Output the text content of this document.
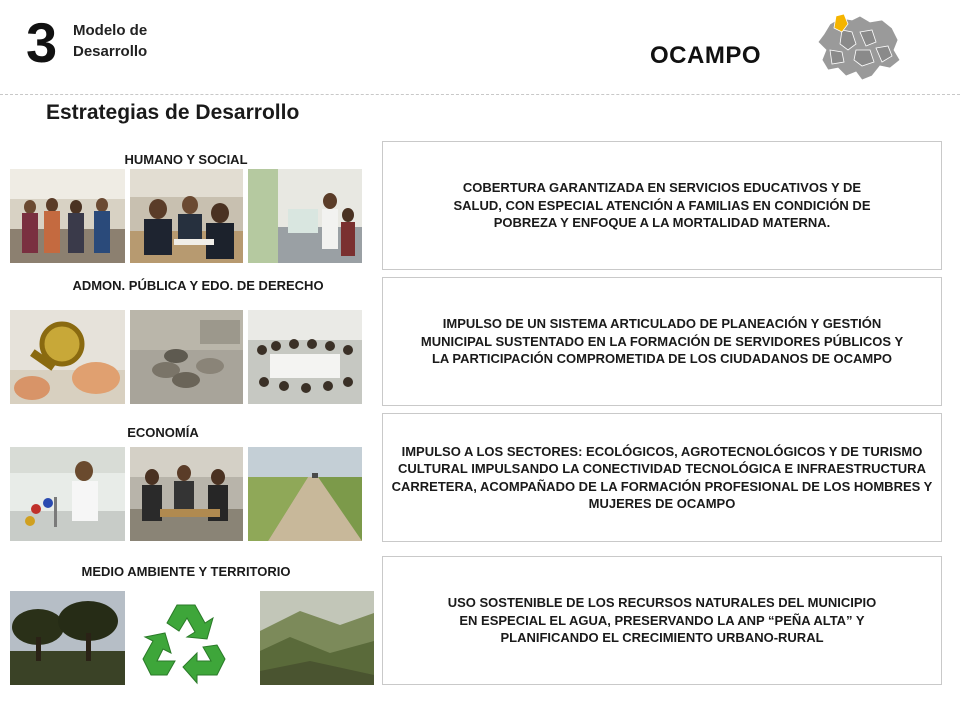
3 Modelo de
Desarrollo	OCAMPO
Estrategias de Desarrollo
HUMANO Y SOCIAL
COBERTURA GARANTIZADA EN SERVICIOS EDUCATIVOS Y DE SALUD, CON ESPECIAL ATENCIÓN A FAMILIAS EN CONDICIÓN DE POBREZA Y ENFOQUE A LA MORTALIDAD MATERNA.
ADMON. PÚBLICA Y EDO. DE DERECHO
IMPULSO DE UN SISTEMA ARTICULADO DE PLANEACIÓN Y GESTIÓN MUNICIPAL SUSTENTADO EN LA FORMACIÓN DE SERVIDORES PÚBLICOS Y LA PARTICIPACIÓN COMPROMETIDA DE LOS CIUDADANOS DE OCAMPO
ECONOMÍA
IMPULSO A LOS SECTORES: ECOLÓGICOS, AGROTECNOLÓGICOS Y DE TURISMO CULTURAL IMPULSANDO LA CONECTIVIDAD TECNOLÓGICA E INFRAESTRUCTURA CARRETERA, ACOMPAÑADO DE LA FORMACIÓN PROFESIONAL DE LOS HOMBRES Y MUJERES DE OCAMPO
MEDIO AMBIENTE Y TERRITORIO
USO SOSTENIBLE DE LOS RECURSOS NATURALES DEL MUNICIPIO EN ESPECIAL EL AGUA, PRESERVANDO LA ANP “PEÑA ALTA” Y PLANIFICANDO EL CRECIMIENTO URBANO-RURAL
